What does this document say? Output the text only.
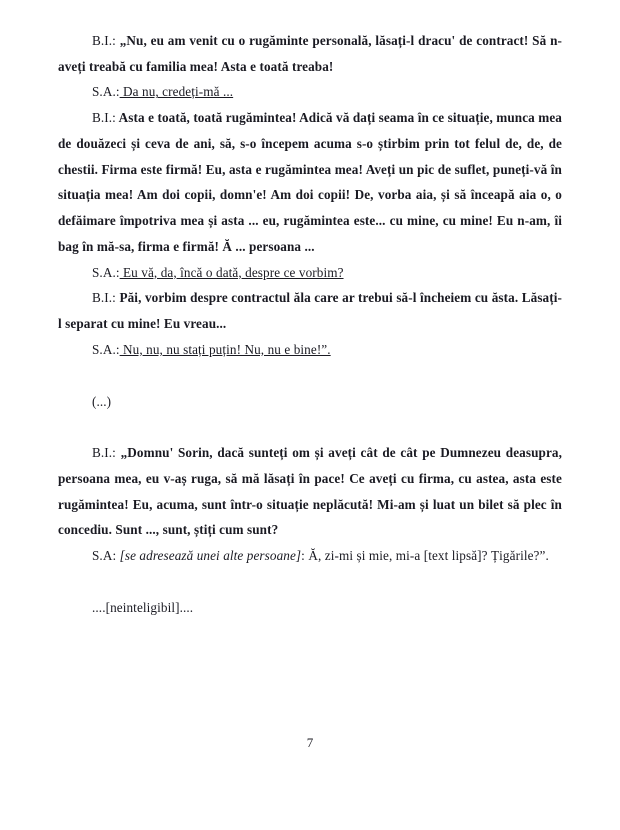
B.I.: „Nu, eu am venit cu o rugăminte personală, lăsați-l dracu' de contract! Să n-aveți treabă cu familia mea! Asta e toată treaba!

S.A.: Da nu, credeți-mă ...

B.I.: Asta e toată, toată rugămintea! Adică vă dați seama în ce situație, munca mea de douăzeci și ceva de ani, să, s-o începem acuma s-o știrbim prin tot felul de, de, de chestii. Firma este firmă! Eu, asta e rugămintea mea! Aveți un pic de suflet, puneți-vă în situația mea! Am doi copii, domn'e! Am doi copii! De, vorba aia, și să înceapă aia o, o defăimare împotriva mea și asta ... eu, rugămintea este... cu mine, cu mine! Eu n-am, îi bag în mă-sa, firma e firmă! Ă ... persoana ...

S.A.: Eu vă, da, încă o dată, despre ce vorbim?

B.I.: Păi, vorbim despre contractul ăla care ar trebui să-l încheiem cu ăsta. Lăsați-l separat cu mine! Eu vreau...

S.A.: Nu, nu, nu stați puțin! Nu, nu e bine!”.

(...)

B.I.: „Domnu' Sorin, dacă sunteți om și aveți cât de cât pe Dumnezeu deasupra, persoana mea, eu v-aș ruga, să mă lăsați în pace! Ce aveți cu firma, cu astea, asta este rugămintea! Eu, acuma, sunt într-o situație neplăcută! Mi-am și luat un bilet să plec în concediu. Sunt ..., sunt, știți cum sunt?

S.A: [se adresează unei alte persoane]: Ă, zi-mi și mie, mi-a [text lipsă]? Țigările?”.

....[neinteligibil]....

7
